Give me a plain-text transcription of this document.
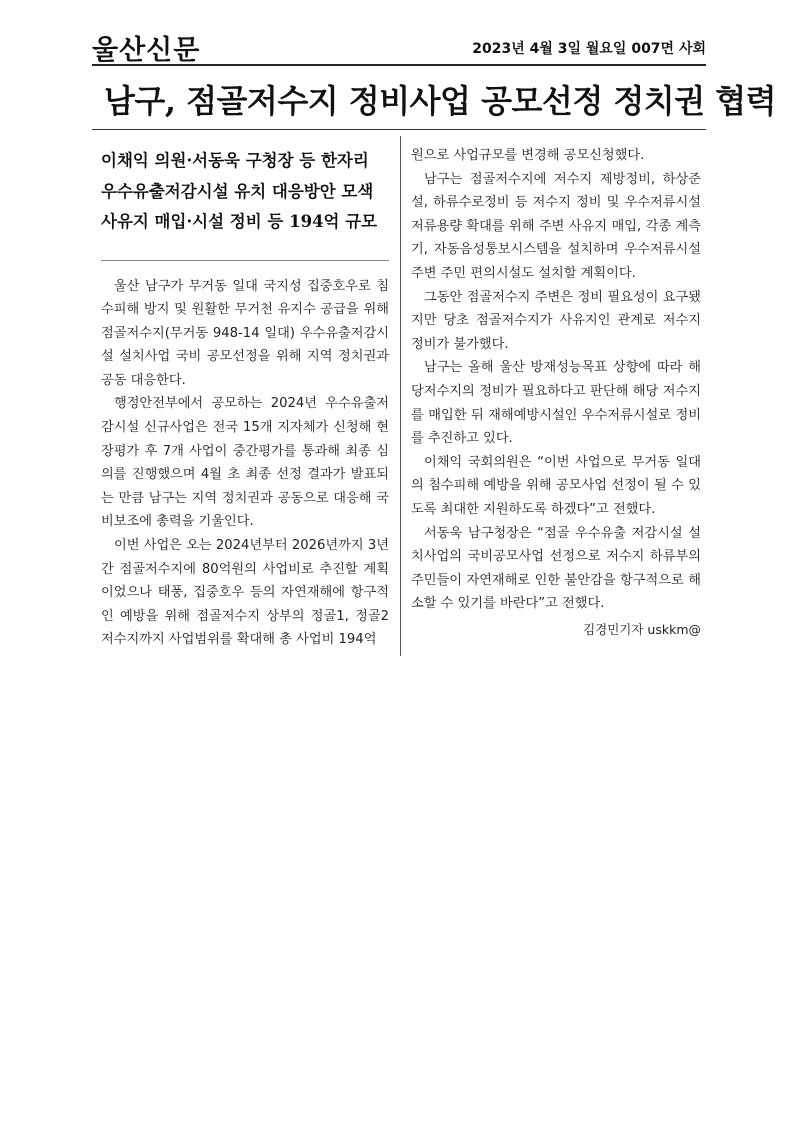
울산신문	2023년 4월 3일 월요일 007면 사회
남구, 점골저수지 정비사업 공모선정 정치권 협력
이채익 의원·서동욱 구청장 등 한자리
우수유출저감시설 유치 대응방안 모색
사유지 매입·시설 정비 등 194억 규모

울산 남구가 무거동 일대 국지성 집중호우로 침수피해 방지 및 원활한 무거천 유지수 공급을 위해 점골저수지(무거동 948-14 일대) 우수유출저감시설 설치사업 국비 공모선정을 위해 지역 정치권과 공동 대응한다.

행정안전부에서 공모하는 2024년 우수유출저감시설 신규사업은 전국 15개 지자체가 신청해 현장평가 후 7개 사업이 중간평가를 통과해 최종 심의를 진행했으며 4월 초 최종 선정 결과가 발표되는 만큼 남구는 지역 정치권과 공동으로 대응해 국비보조에 총력을 기울인다.

이번 사업은 오는 2024년부터 2026년까지 3년간 점골저수지에 80억원의 사업비로 추진할 계획이었으나 태풍, 집중호우 등의 자연재해에 항구적인 예방을 위해 점골저수지 상부의 정골1, 정골2저수지까지 사업범위를 확대해 총 사업비 194억

원으로 사업규모를 변경해 공모신청했다.

남구는 점골저수지에 저수지 제방정비, 하상준설, 하류수로정비 등 저수지 정비 및 우수저류시설 저류용량 확대를 위해 주변 사유지 매입, 각종 계측기, 자동음성통보시스템을 설치하며 우수저류시설 주변 주민 편의시설도 설치할 계획이다.

그동안 점골저수지 주변은 정비 필요성이 요구됐지만 당초 점골저수지가 사유지인 관계로 저수지 정비가 불가했다.

남구는 올해 울산 방재성능목표 상향에 따라 해당저수지의 정비가 필요하다고 판단해 해당 저수지를 매입한 뒤 재해예방시설인 우수저류시설로 정비를 추진하고 있다.

이채익 국회의원은 “이번 사업으로 무거동 일대의 침수피해 예방을 위해 공모사업 선정이 될 수 있도록 최대한 지원하도록 하겠다”고 전했다.

서동욱 남구청장은 “점골 우수유출 저감시설 설치사업의 국비공모사업 선정으로 저수지 하류부의 주민들이 자연재해로 인한 불안감을 항구적으로 해소할 수 있기를 바란다”고 전했다.

김경민기자 uskkm@
